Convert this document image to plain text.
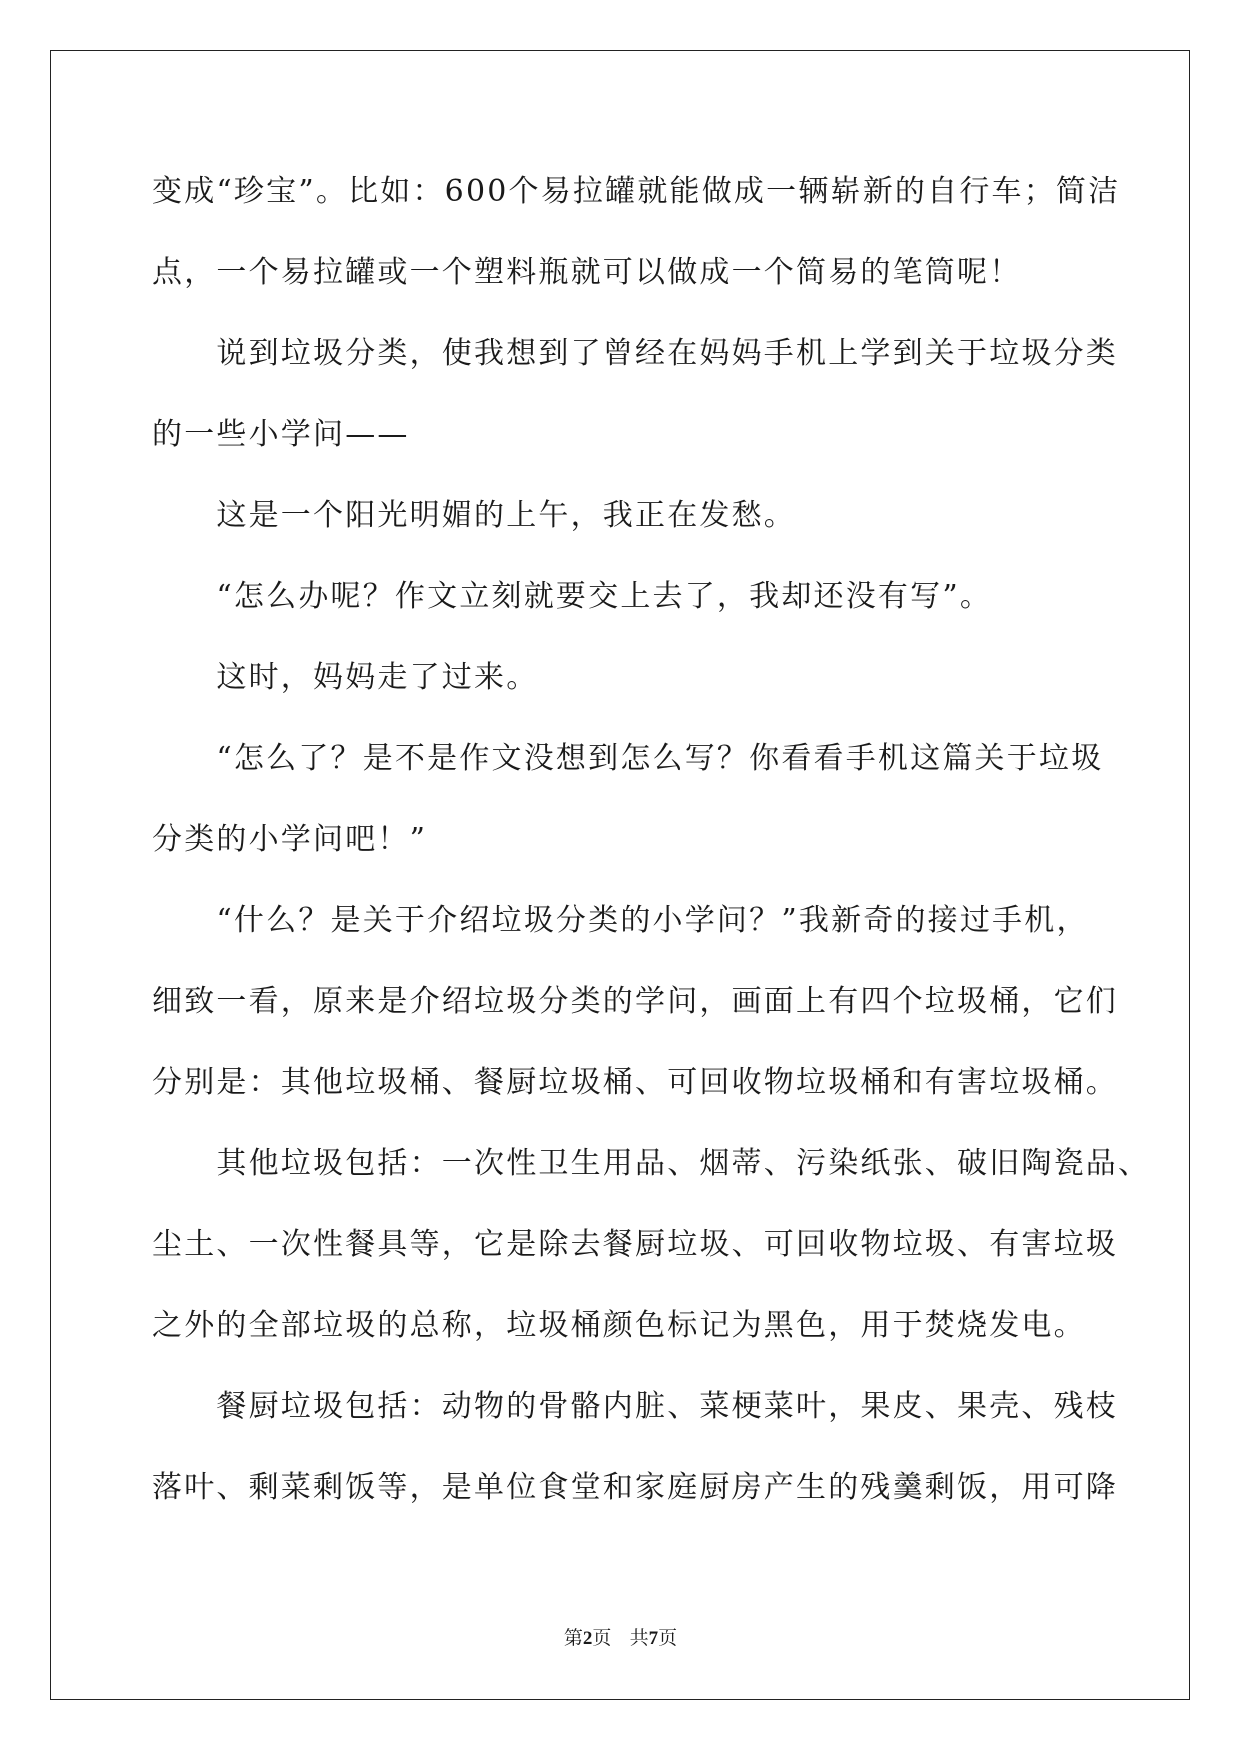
变成“珍宝”。比如：600个易拉罐就能做成一辆崭新的自行车；简洁
点，一个易拉罐或一个塑料瓶就可以做成一个简易的笔筒呢！
　　说到垃圾分类，使我想到了曾经在妈妈手机上学到关于垃圾分类
的一些小学问——
　　这是一个阳光明媚的上午，我正在发愁。
　　“怎么办呢？作文立刻就要交上去了，我却还没有写”。
　　这时，妈妈走了过来。
　　“怎么了？是不是作文没想到怎么写？你看看手机这篇关于垃圾
分类的小学问吧！”
　　“什么？是关于介绍垃圾分类的小学问？”我新奇的接过手机，
细致一看，原来是介绍垃圾分类的学问，画面上有四个垃圾桶，它们
分别是：其他垃圾桶、餐厨垃圾桶、可回收物垃圾桶和有害垃圾桶。
　　其他垃圾包括：一次性卫生用品、烟蒂、污染纸张、破旧陶瓷品、
尘土、一次性餐具等，它是除去餐厨垃圾、可回收物垃圾、有害垃圾
之外的全部垃圾的总称，垃圾桶颜色标记为黑色，用于焚烧发电。
　　餐厨垃圾包括：动物的骨骼内脏、菜梗菜叶，果皮、果壳、残枝
落叶、剩菜剩饭等，是单位食堂和家庭厨房产生的残羹剩饭，用可降
第2页 共7页
